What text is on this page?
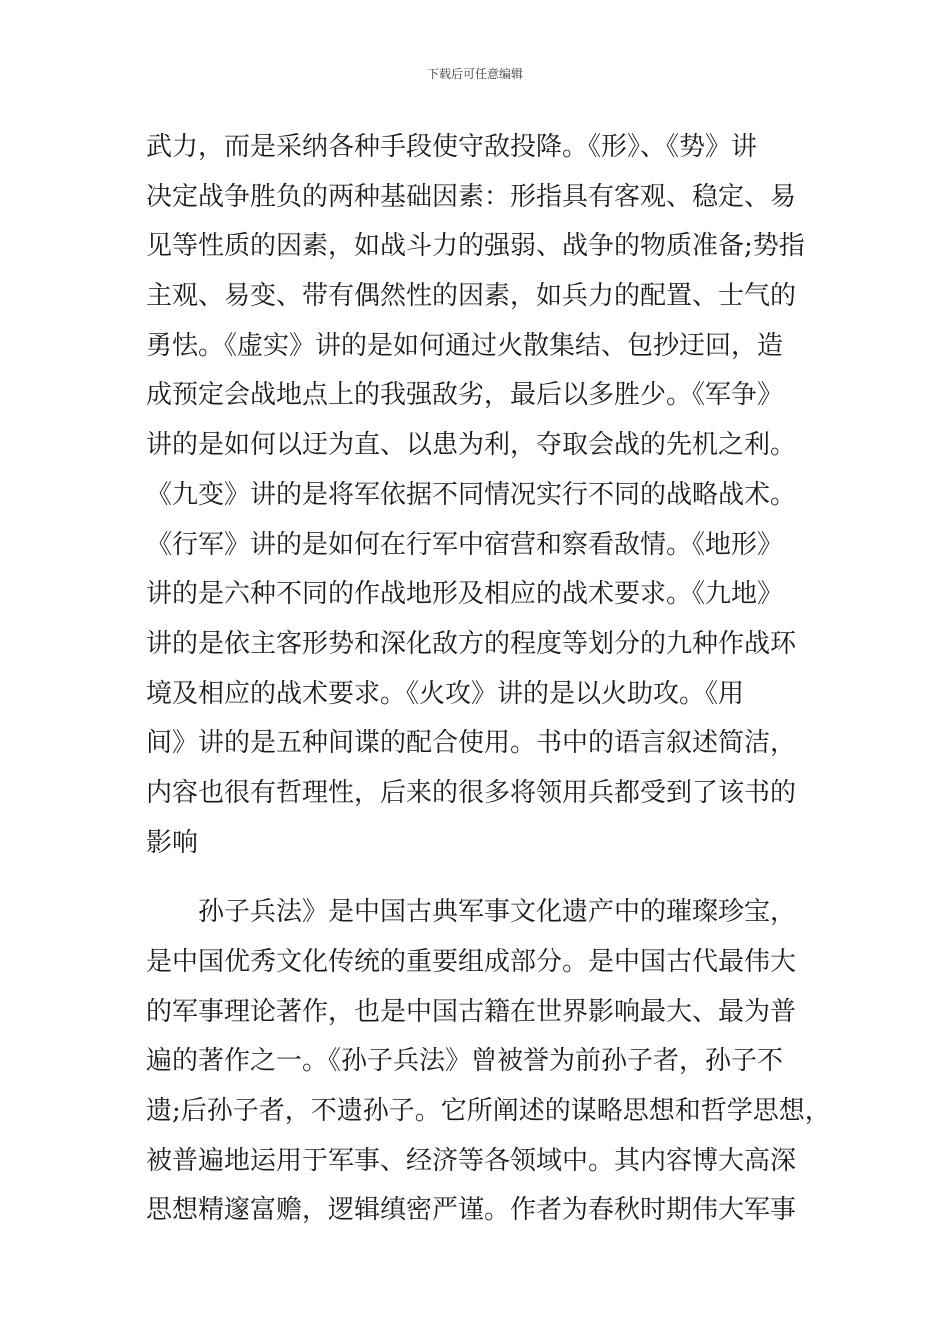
下载后可任意编辑
武力，而是采纳各种手段使守敌投降。《形》、《势》讲
决定战争胜负的两种基础因素：形指具有客观、稳定、易
见等性质的因素，如战斗力的强弱、战争的物质准备;势指
主观、易变、带有偶然性的因素，如兵力的配置、士气的
勇怯。《虚实》讲的是如何通过火散集结、包抄迂回，造
成预定会战地点上的我强敌劣，最后以多胜少。《军争》
讲的是如何以迂为直、以患为利，夺取会战的先机之利。
《九变》讲的是将军依据不同情况实行不同的战略战术。
《行军》讲的是如何在行军中宿营和察看敌情。《地形》
讲的是六种不同的作战地形及相应的战术要求。《九地》
讲的是依主客形势和深化敌方的程度等划分的九种作战环
境及相应的战术要求。《火攻》讲的是以火助攻。《用
间》讲的是五种间谍的配合使用。书中的语言叙述简洁，
内容也很有哲理性，后来的很多将领用兵都受到了该书的
影响
孙子兵法》是中国古典军事文化遗产中的璀璨珍宝，
是中国优秀文化传统的重要组成部分。是中国古代最伟大
的军事理论著作，也是中国古籍在世界影响最大、最为普
遍的著作之一。《孙子兵法》曾被誉为前孙子者，孙子不
遗;后孙子者，不遗孙子。它所阐述的谋略思想和哲学思想，
被普遍地运用于军事、经济等各领域中。其内容博大高深
思想精邃富赡，逻辑缜密严谨。作者为春秋时期伟大军事
